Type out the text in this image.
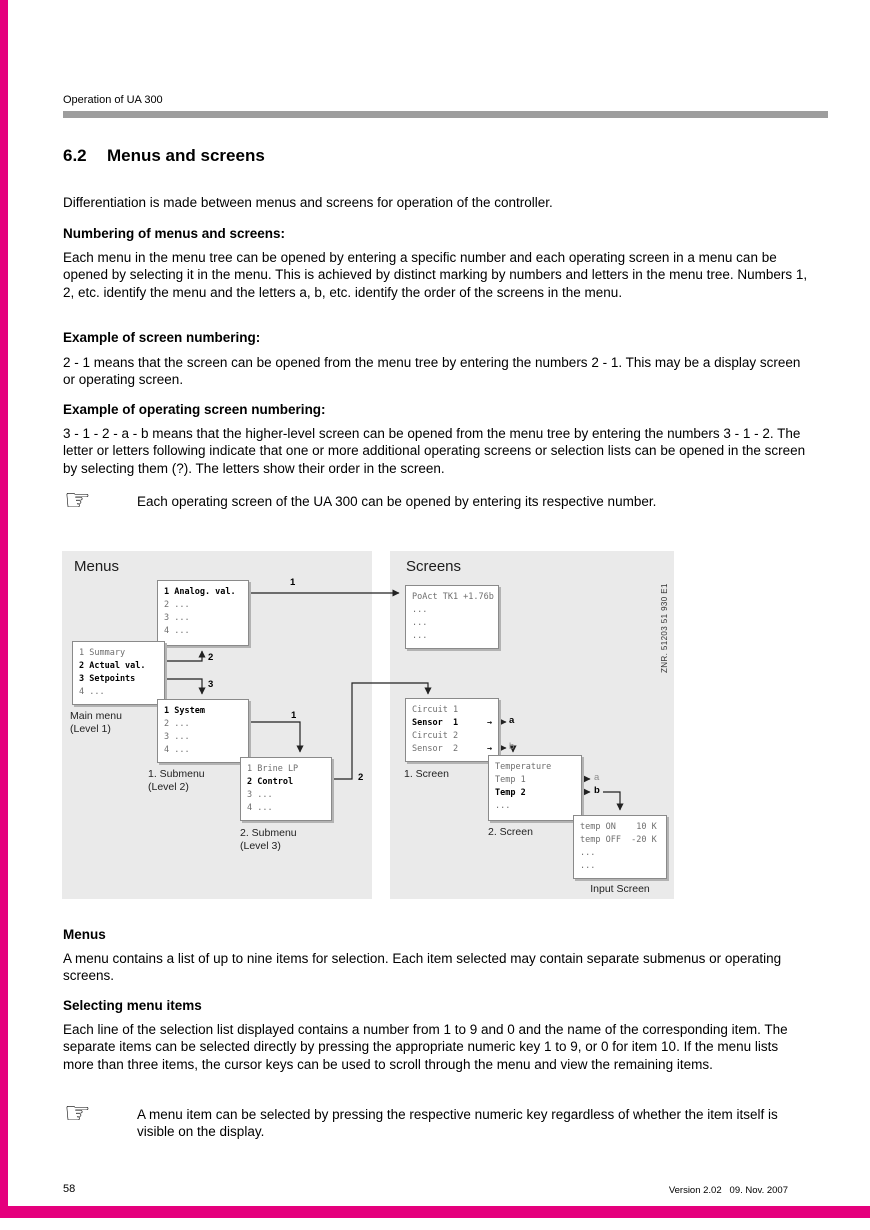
Operation of UA 300
6.2	Menus and screens
Differentiation is made between menus and screens for operation of the controller.
Numbering of menus and screens:
Each menu in the menu tree can be opened by entering a specific number and each operating screen in a menu can be opened by selecting it in the menu. This is achieved by distinct marking by numbers and letters in the menu tree. Numbers 1, 2, etc. identify the menu and the letters a, b, etc. identify the order of the screens in the menu.
Example of screen numbering:
2 - 1 means that the screen can be opened from the menu tree by entering the numbers 2 - 1. This may be a display screen or operating screen.
Example of operating screen numbering:
3 - 1 - 2 - a - b means that the higher-level screen can be opened from the menu tree by entering the numbers 3 - 1 - 2. The letter or letters following indicate that one or more additional operating screens or selection lists can be opened in the screen by selecting them (?). The letters show their order in the screen.
☞	Each operating screen of the UA 300 can be opened by entering its respective number.
Menus	Screens
ZNR. 51203 51 930 E1
1 Analog. val.
2 ...
3 ...
4 ...
1 Summary
2 Actual val.
3 Setpoints
4 ...
1 System
2 ...
3 ...
4 ...
1 Brine LP
2 Control
3 ...
4 ...
PoAct TK1 +1.76b
...
...
...
Circuit 1
Sensor  1	→
Circuit 2
Sensor  2	→
Temperature
Temp 1
Temp 2
...
temp ON    10 K
temp OFF  -20 K
...
...
Main menu
(Level 1)
1. Submenu
(Level 2)
2. Submenu
(Level 3)
1. Screen
2. Screen
Input Screen
1
2
3
1
2
a
b
a
b
Menus
A menu contains a list of up to nine items for selection. Each item selected may contain separate submenus or operating screens.
Selecting menu items
Each line of the selection list displayed contains a number from 1 to 9 and 0 and the name of the corresponding item. The separate items can be selected directly by pressing the appropriate numeric key 1 to 9, or 0 for item 10. If the menu lists more than three items, the cursor keys can be used to scroll through the menu and view the remaining items.
☞	A menu item can be selected by pressing the respective numeric key regardless of whether the item itself is visible on the display.
58	Version 2.02   09. Nov. 2007
